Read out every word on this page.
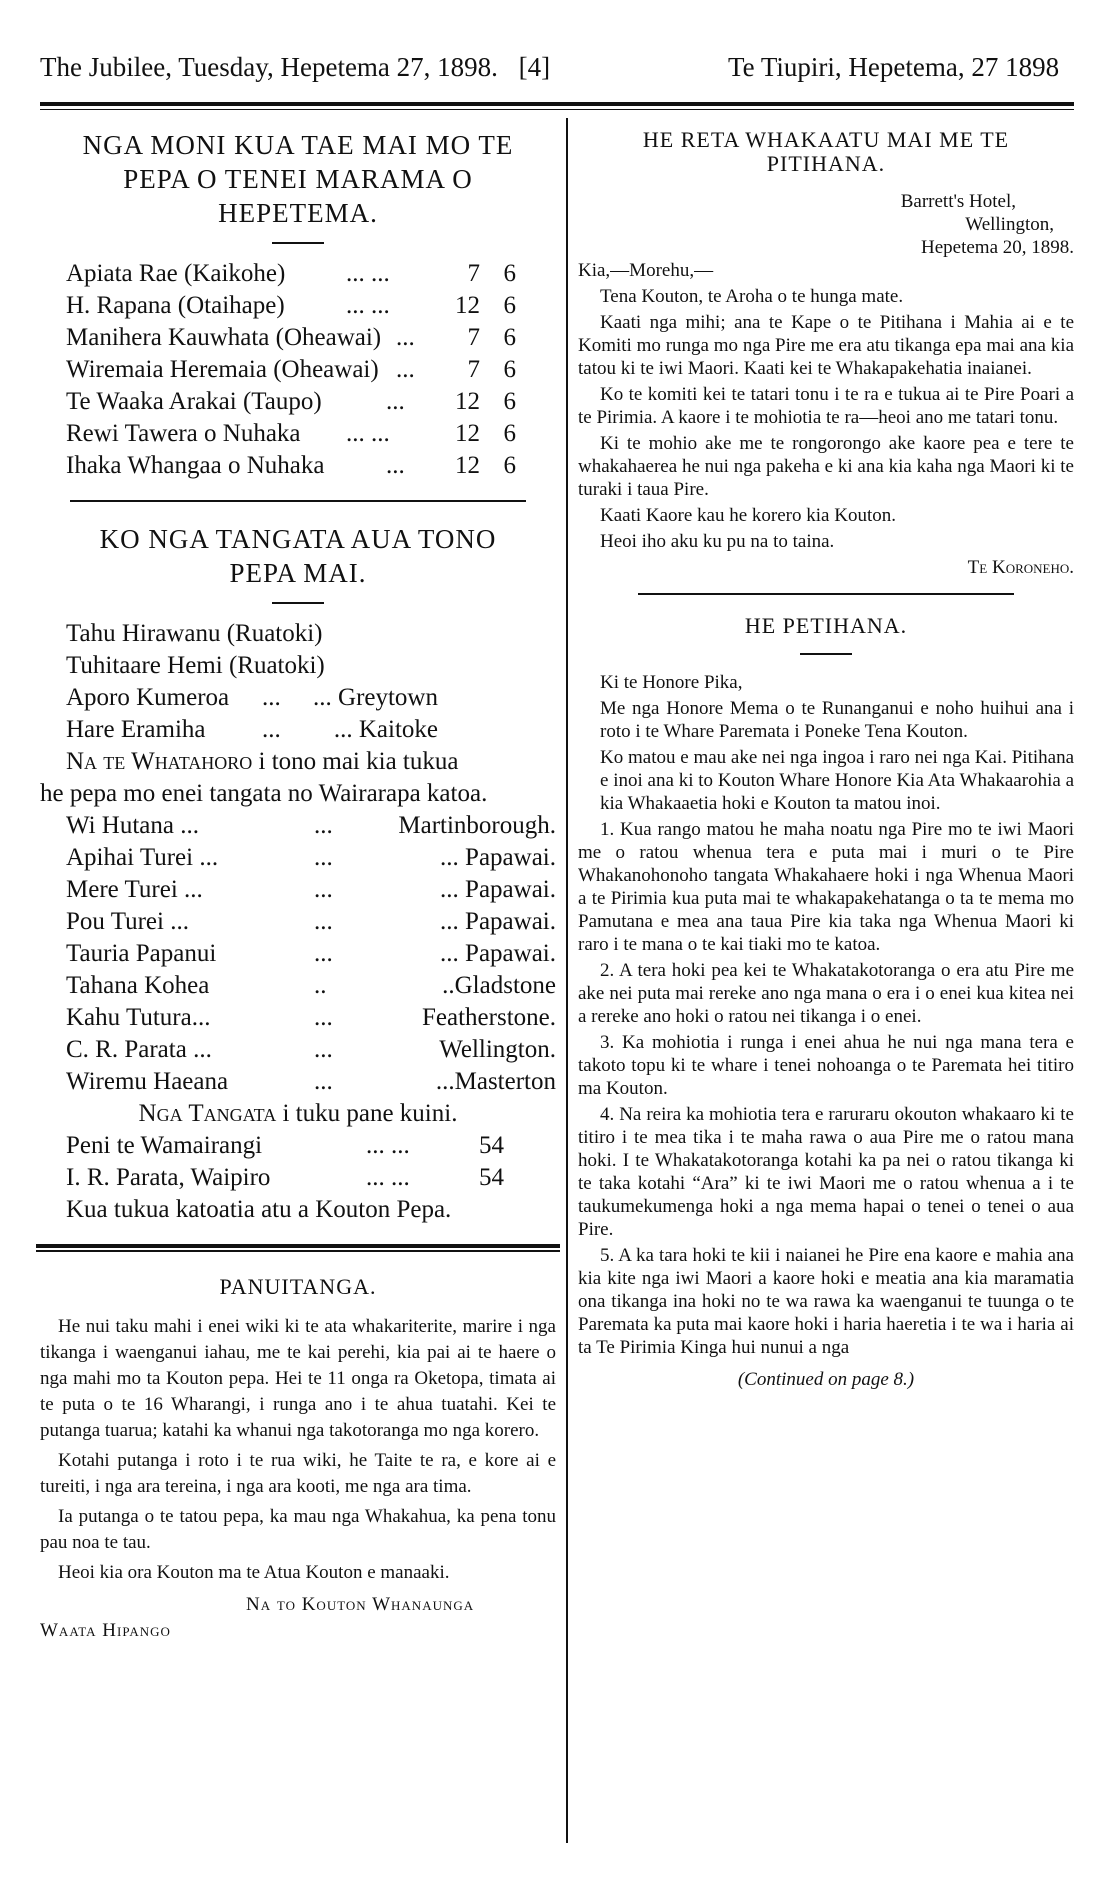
The Jubilee, Tuesday, Hepetema 27, 1898. [4]	Te Tiupiri, Hepetema, 27 1898
NGA MONI KUA TAE MAI MO TE
PEPA O TENEI MARAMA O
HEPETEMA.
Apiata Rae (Kaikohe)	... ...	7 6
H. Rapana (Otaihape)	... ...	12 6
Manihera Kauwhata (Oheawai) ...	7 6
Wiremaia Heremaia (Oheawai) ...	7 6
Te Waaka Arakai (Taupo)	...	12 6
Rewi Tawera o Nuhaka	... ...	12 6
Ihaka Whangaa o Nuhaka	...	12 6
KO NGA TANGATA AUA TONO
PEPA MAI.
Tahu Hirawanu (Ruatoki)
Tuhitaare Hemi (Ruatoki)
Aporo Kumeroa	...	... Greytown
Hare Eramiha	...	... Kaitoke
Na te Whatahoro i tono mai kia tukua
he pepa mo enei tangata no Wairarapa katoa.
Wi Hutana ...	...	Martinborough.
Apihai Turei ...	...	... Papawai.
Mere Turei ...	...	... Papawai.
Pou Turei ...	...	... Papawai.
Tauria Papanui	...	... Papawai.
Tahana Kohea	..	..Gladstone
Kahu Tutura...	...	Featherstone.
C. R. Parata ...	...	Wellington.
Wiremu Haeana	...	...Masterton
Nga Tangata i tuku pane kuini.
Peni te Wamairangi	... ...	54
I. R. Parata, Waipiro	... ...	54
Kua tukua katoatia atu a Kouton Pepa.
PANUITANGA.

He nui taku mahi i enei wiki ki te ata whakariterite, marire i nga tikanga i waenganui iahau, me te kai perehi, kia pai ai te haere o nga mahi mo ta Kouton pepa. Hei te 11 onga ra Oketopa, timata ai te puta o te 16 Wharangi, i runga ano i te ahua tuatahi. Kei te putanga tuarua; katahi ka whanui nga takotoranga mo nga korero.

Kotahi putanga i roto i te rua wiki, he Taite te ra, e kore ai e tureiti, i nga ara tereina, i nga ara kooti, me nga ara tima.

Ia putanga o te tatou pepa, ka mau nga Whakahua, ka pena tonu pau noa te tau.

Heoi kia ora Kouton ma te Atua Kouton e manaaki.

Na to Kouton Whanaunga
Waata Hipango
HE RETA WHAKAATU MAI ME TE
PITIHANA.
Barrett's Hotel,
Wellington,
Hepetema 20, 1898.
Kia,—Morehu,—
Tena Kouton, te Aroha o te hunga mate.

Kaati nga mihi; ana te Kape o te Pitihana i Mahia ai e te Komiti mo runga mo nga Pire me era atu tikanga epa mai ana kia tatou ki te iwi Maori. Kaati kei te Whakapakehatia inaianei.

Ko te komiti kei te tatari tonu i te ra e tukua ai te Pire Poari a te Pirimia. A kaore i te mohiotia te ra—heoi ano me tatari tonu.

Ki te mohio ake me te rongorongo ake kaore pea e tere te whakahaerea he nui nga pakeha e ki ana kia kaha nga Maori ki te turaki i taua Pire.

Kaati Kaore kau he korero kia Kouton.

Heoi iho aku ku pu na to taina.

Te Koroneho.
HE PETIHANA.

Ki te Honore Pika,

Me nga Honore Mema o te Runanganui e noho huihui ana i roto i te Whare Paremata i Poneke Tena Kouton.

Ko matou e mau ake nei nga ingoa i raro nei nga Kai. Pitihana e inoi ana ki to Kouton Whare Honore Kia Ata Whakaarohia a kia Whakaaetia hoki e Kouton ta matou inoi.

1. Kua rango matou he maha noatu nga Pire mo te iwi Maori me o ratou whenua tera e puta mai i muri o te Pire Whakanohonoho tangata Whakahaere hoki i nga Whenua Maori a te Pirimia kua puta mai te whakapakehatanga o ta te mema mo Pamutana e mea ana taua Pire kia taka nga Whenua Maori ki raro i te mana o te kai tiaki mo te katoa.

2. A tera hoki pea kei te Whakatakotoranga o era atu Pire me ake nei puta mai rereke ano nga mana o era i o enei kua kitea nei a rereke ano hoki o ratou nei tikanga i o enei.

3. Ka mohiotia i runga i enei ahua he nui nga mana tera e takoto topu ki te whare i tenei nohoanga o te Paremata hei titiro ma Kouton.

4. Na reira ka mohiotia tera e raruraru okouton whakaaro ki te titiro i te mea tika i te maha rawa o aua Pire me o ratou mana hoki. I te Whakatakotoranga kotahi ka pa nei o ratou tikanga ki te taka kotahi “Ara” ki te iwi Maori me o ratou whenua a i te taukumekumenga hoki a nga mema hapai o tenei o tenei o aua Pire.

5. A ka tara hoki te kii i naianei he Pire ena kaore e mahia ana kia kite nga iwi Maori a kaore hoki e meatia ana kia maramatia ona tikanga ina hoki no te wa rawa ka waenganui te tuunga o te Paremata ka puta mai kaore hoki i haria haeretia i te wa i haria ai ta Te Pirimia Kinga hui nunui a nga

(Continued on page 8.)
